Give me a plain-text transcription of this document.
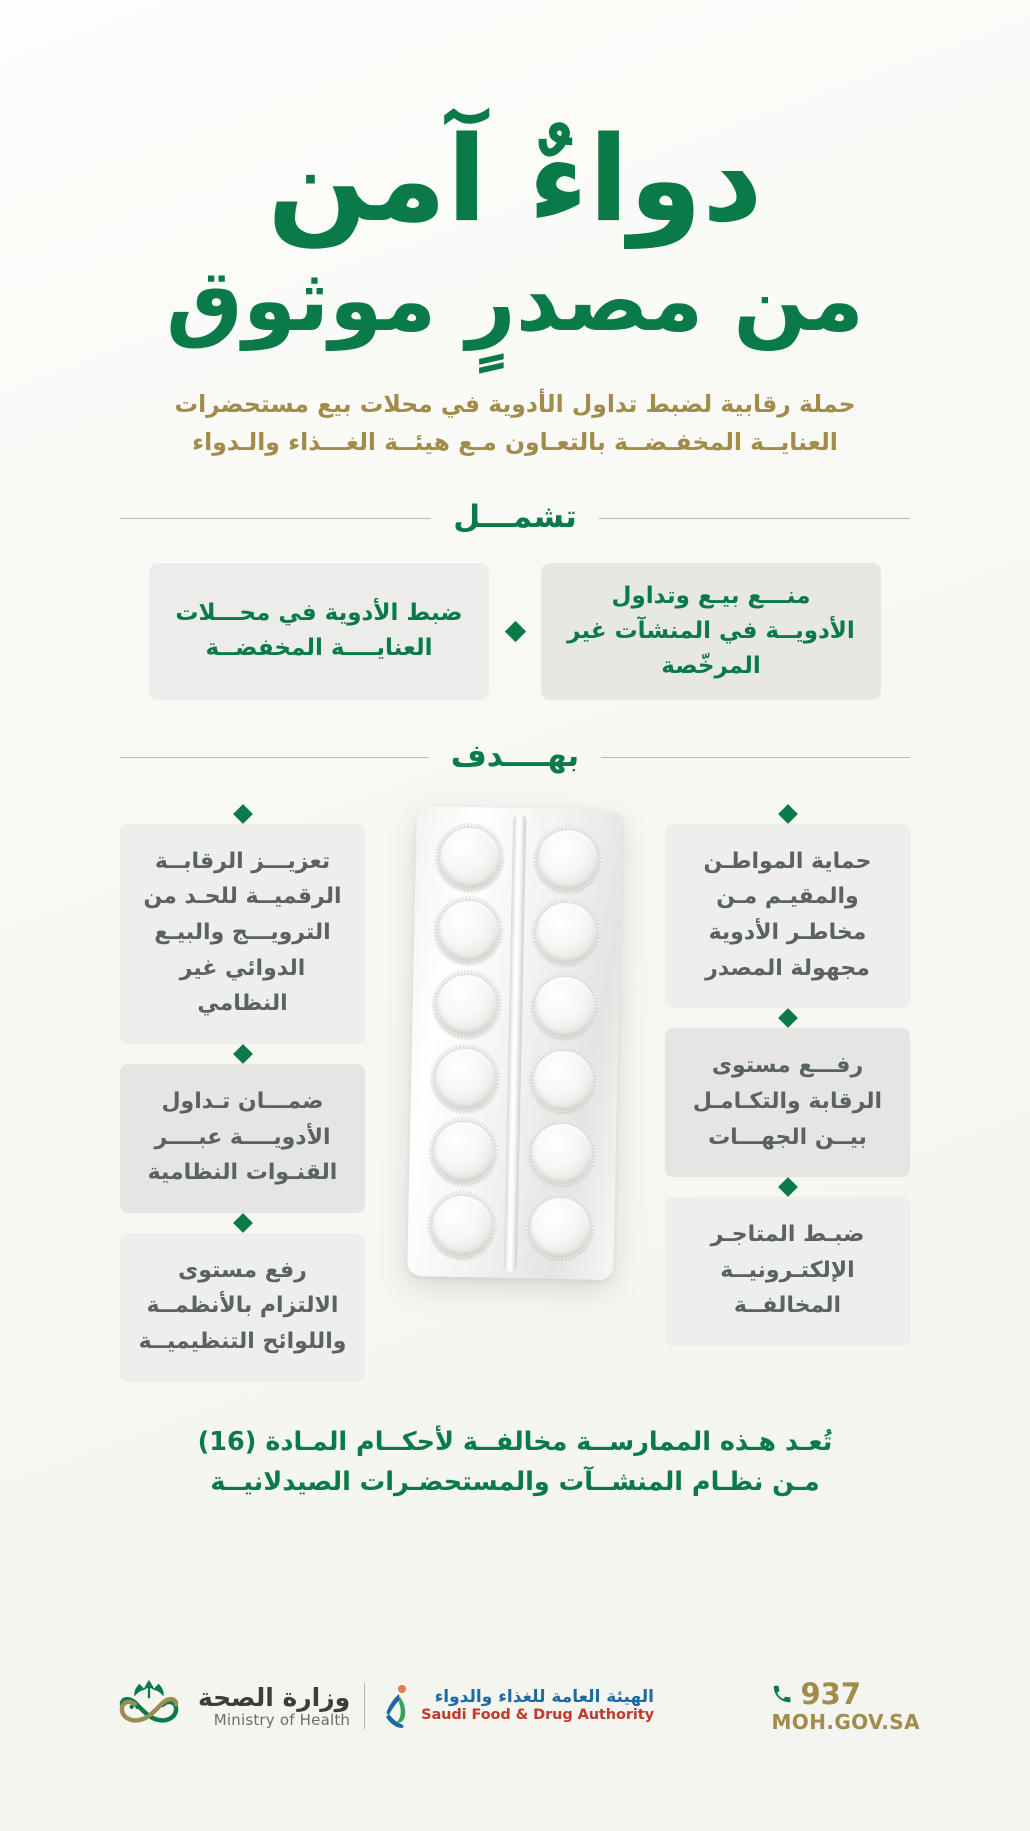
دواءٌ آمن
من مصدرٍ موثوق
حملة رقابية لضبط تداول الأدوية في محلات بيع مستحضرات
العنايــة المخفـضــة بالتعـاون مـع هيئــة الغـــذاء والـدواء
تشمـــل
ضبط الأدوية في محـــلات العنايــــة المخفضــة
منـــع بيـع وتداول الأدويــة في المنشآت غير المرخّصة
بهــــدف
تعزيـــز الرقابــة الرقميــة للحـد من الترويـــج والبيـع الدوائي غير النظامي
ضمـــان تـداول الأدويــــة عبــــر القنـوات النظامية
رفع مستوى الالتزام بالأنظمــة واللوائح التنظيميــة
حماية المواطـن والمقيـم مـن مخاطـر الأدوية مجهولة المصدر
رفـــع مستوى الرقابة والتكـامـل بيــن الجهـــات
ضبـط المتاجـر الإلكتـرونيــة المخالفــة
تُعـد هـذه الممارســة مخالفــة لأحكــام المـادة (16)
مـن نظـام المنشــآت والمستحضـرات الصيدلانيــة
وزارة الصحة
Ministry of Health
الهيئة العامة للغذاء والدواء
Saudi Food & Drug Authority
937
MOH.GOV.SA
